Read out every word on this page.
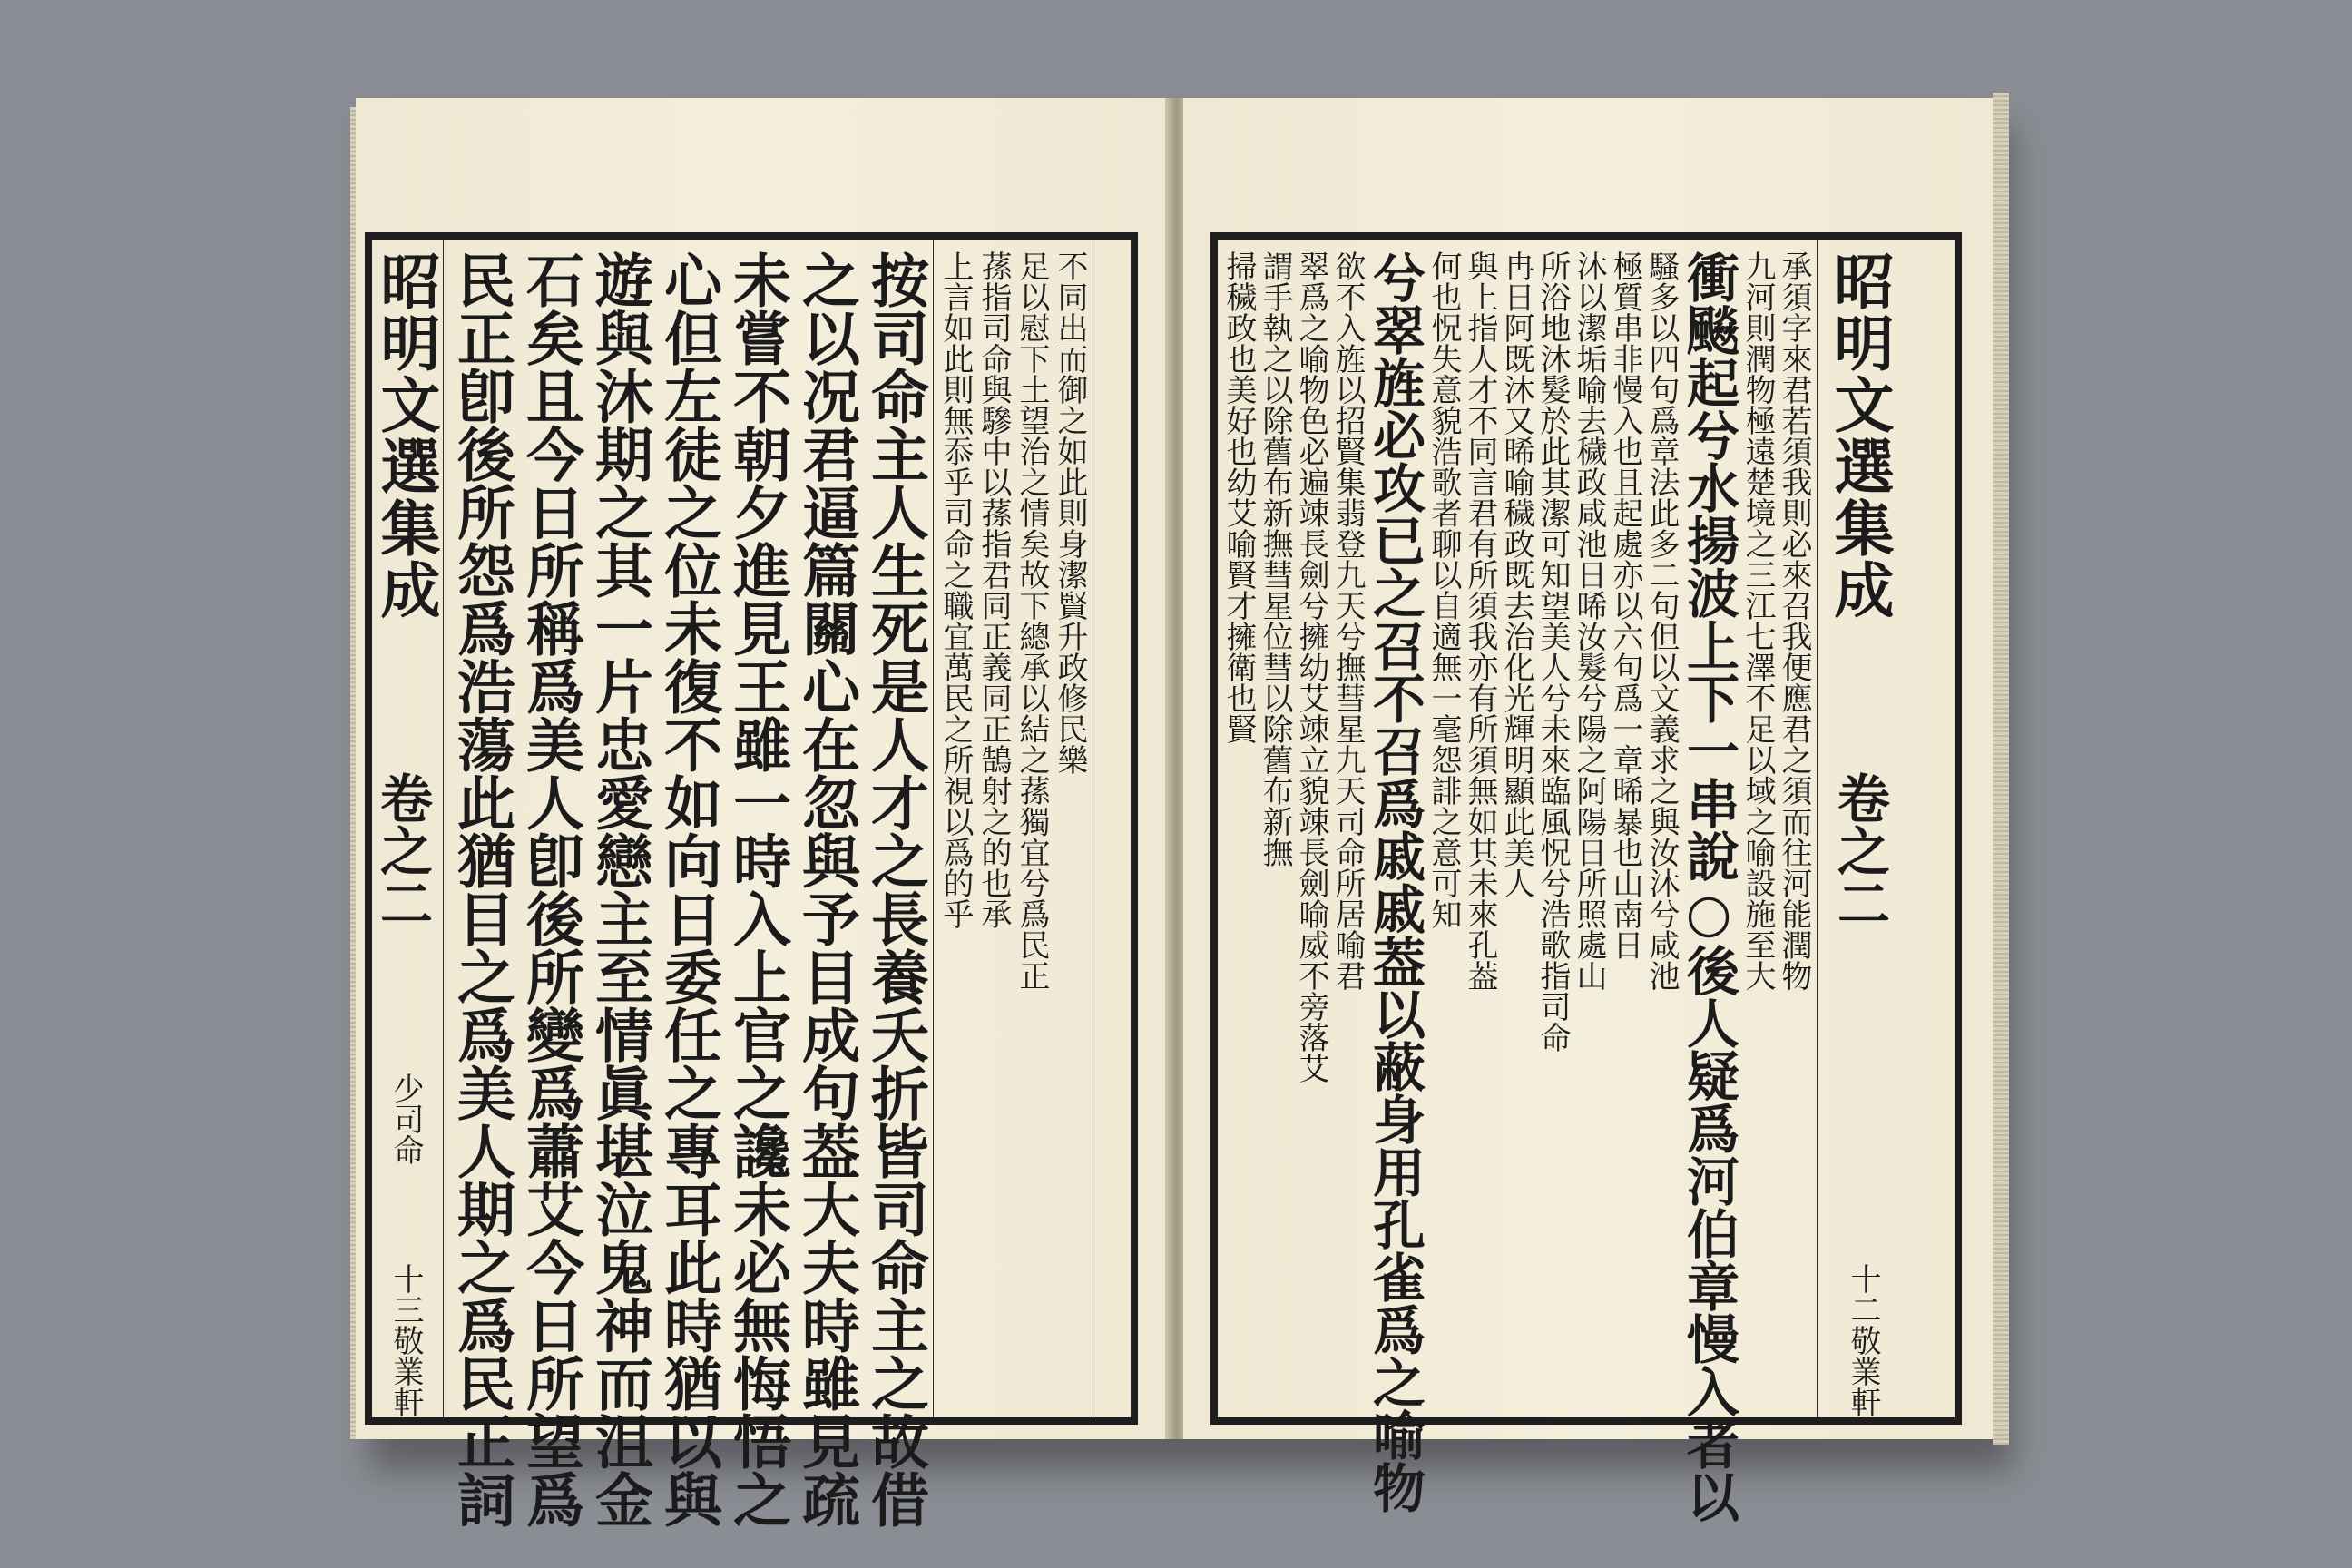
昭明文選集成
卷之二
少司命
十三
敬業軒 民正卽後所怨爲浩蕩此猶目之爲美人期之爲民正詞 石矣且今日所稱爲美人卽後所變爲蕭艾今日所望爲 遊與沐期之其一片忠愛戀主至情眞堪泣鬼神而沮金 心但左徒之位未復不如向日委任之專耳此時猶以與 未嘗不朝夕進見王雖一時入上官之讒未必無悔悟之 之以况君逼篇關心在忽與予目成句葢大夫時雖見疏 按司命主人生死是人才之長養夭折皆司命主之故借 上言如此則無忝乎司命之職宜萬民之所視以爲的乎 蓀指司命與驂中以蓀指君同正義同正鵠射之的也承 足以慰下土望治之情矣故下總承以結之蓀獨宜兮爲民正 不同出而御之如此則身潔賢升政修民樂	掃穢政也美好也幼艾喻賢才擁衛也賢 謂手執之以除舊布新撫彗星位彗以除舊布新撫 翠爲之喻物色必遍竦長劍兮擁幼艾竦立貌竦長劍喻威不旁落艾 欲不入旌以招賢集翡登九天兮撫彗星九天司命所居喻君
兮翠旌必攻已之召不召爲戚戚葢以蔽身用孔雀爲之喻物 何也怳失意貌浩歌者聊以自適無一毫怨誹之意可知 與上指人才不同言君有所須我亦有所須無如其未來孔葢 冉日阿既沐又晞喻穢政既去治化光輝明顯此美人 所浴地沐髮於此其潔可知望美人兮未來臨風怳兮浩歌指司命 沐以潔垢喻去穢政咸池日晞汝髮兮陽之阿陽日所照處山 極質串非慢入也且起處亦以六句爲一章晞暴也山南日 騷多以四句爲章法此多二句但以文義求之與汝沐兮咸池
衝飈起兮水揚波上下一串說○後人疑爲河伯章慢入者以 九河則潤物極遠楚境之三江七澤不足以域之喻設施至大 承須字來君若須我則必來召我便應君之須而往河能潤物 昭明文選集成
卷之二
十二
敬業軒
